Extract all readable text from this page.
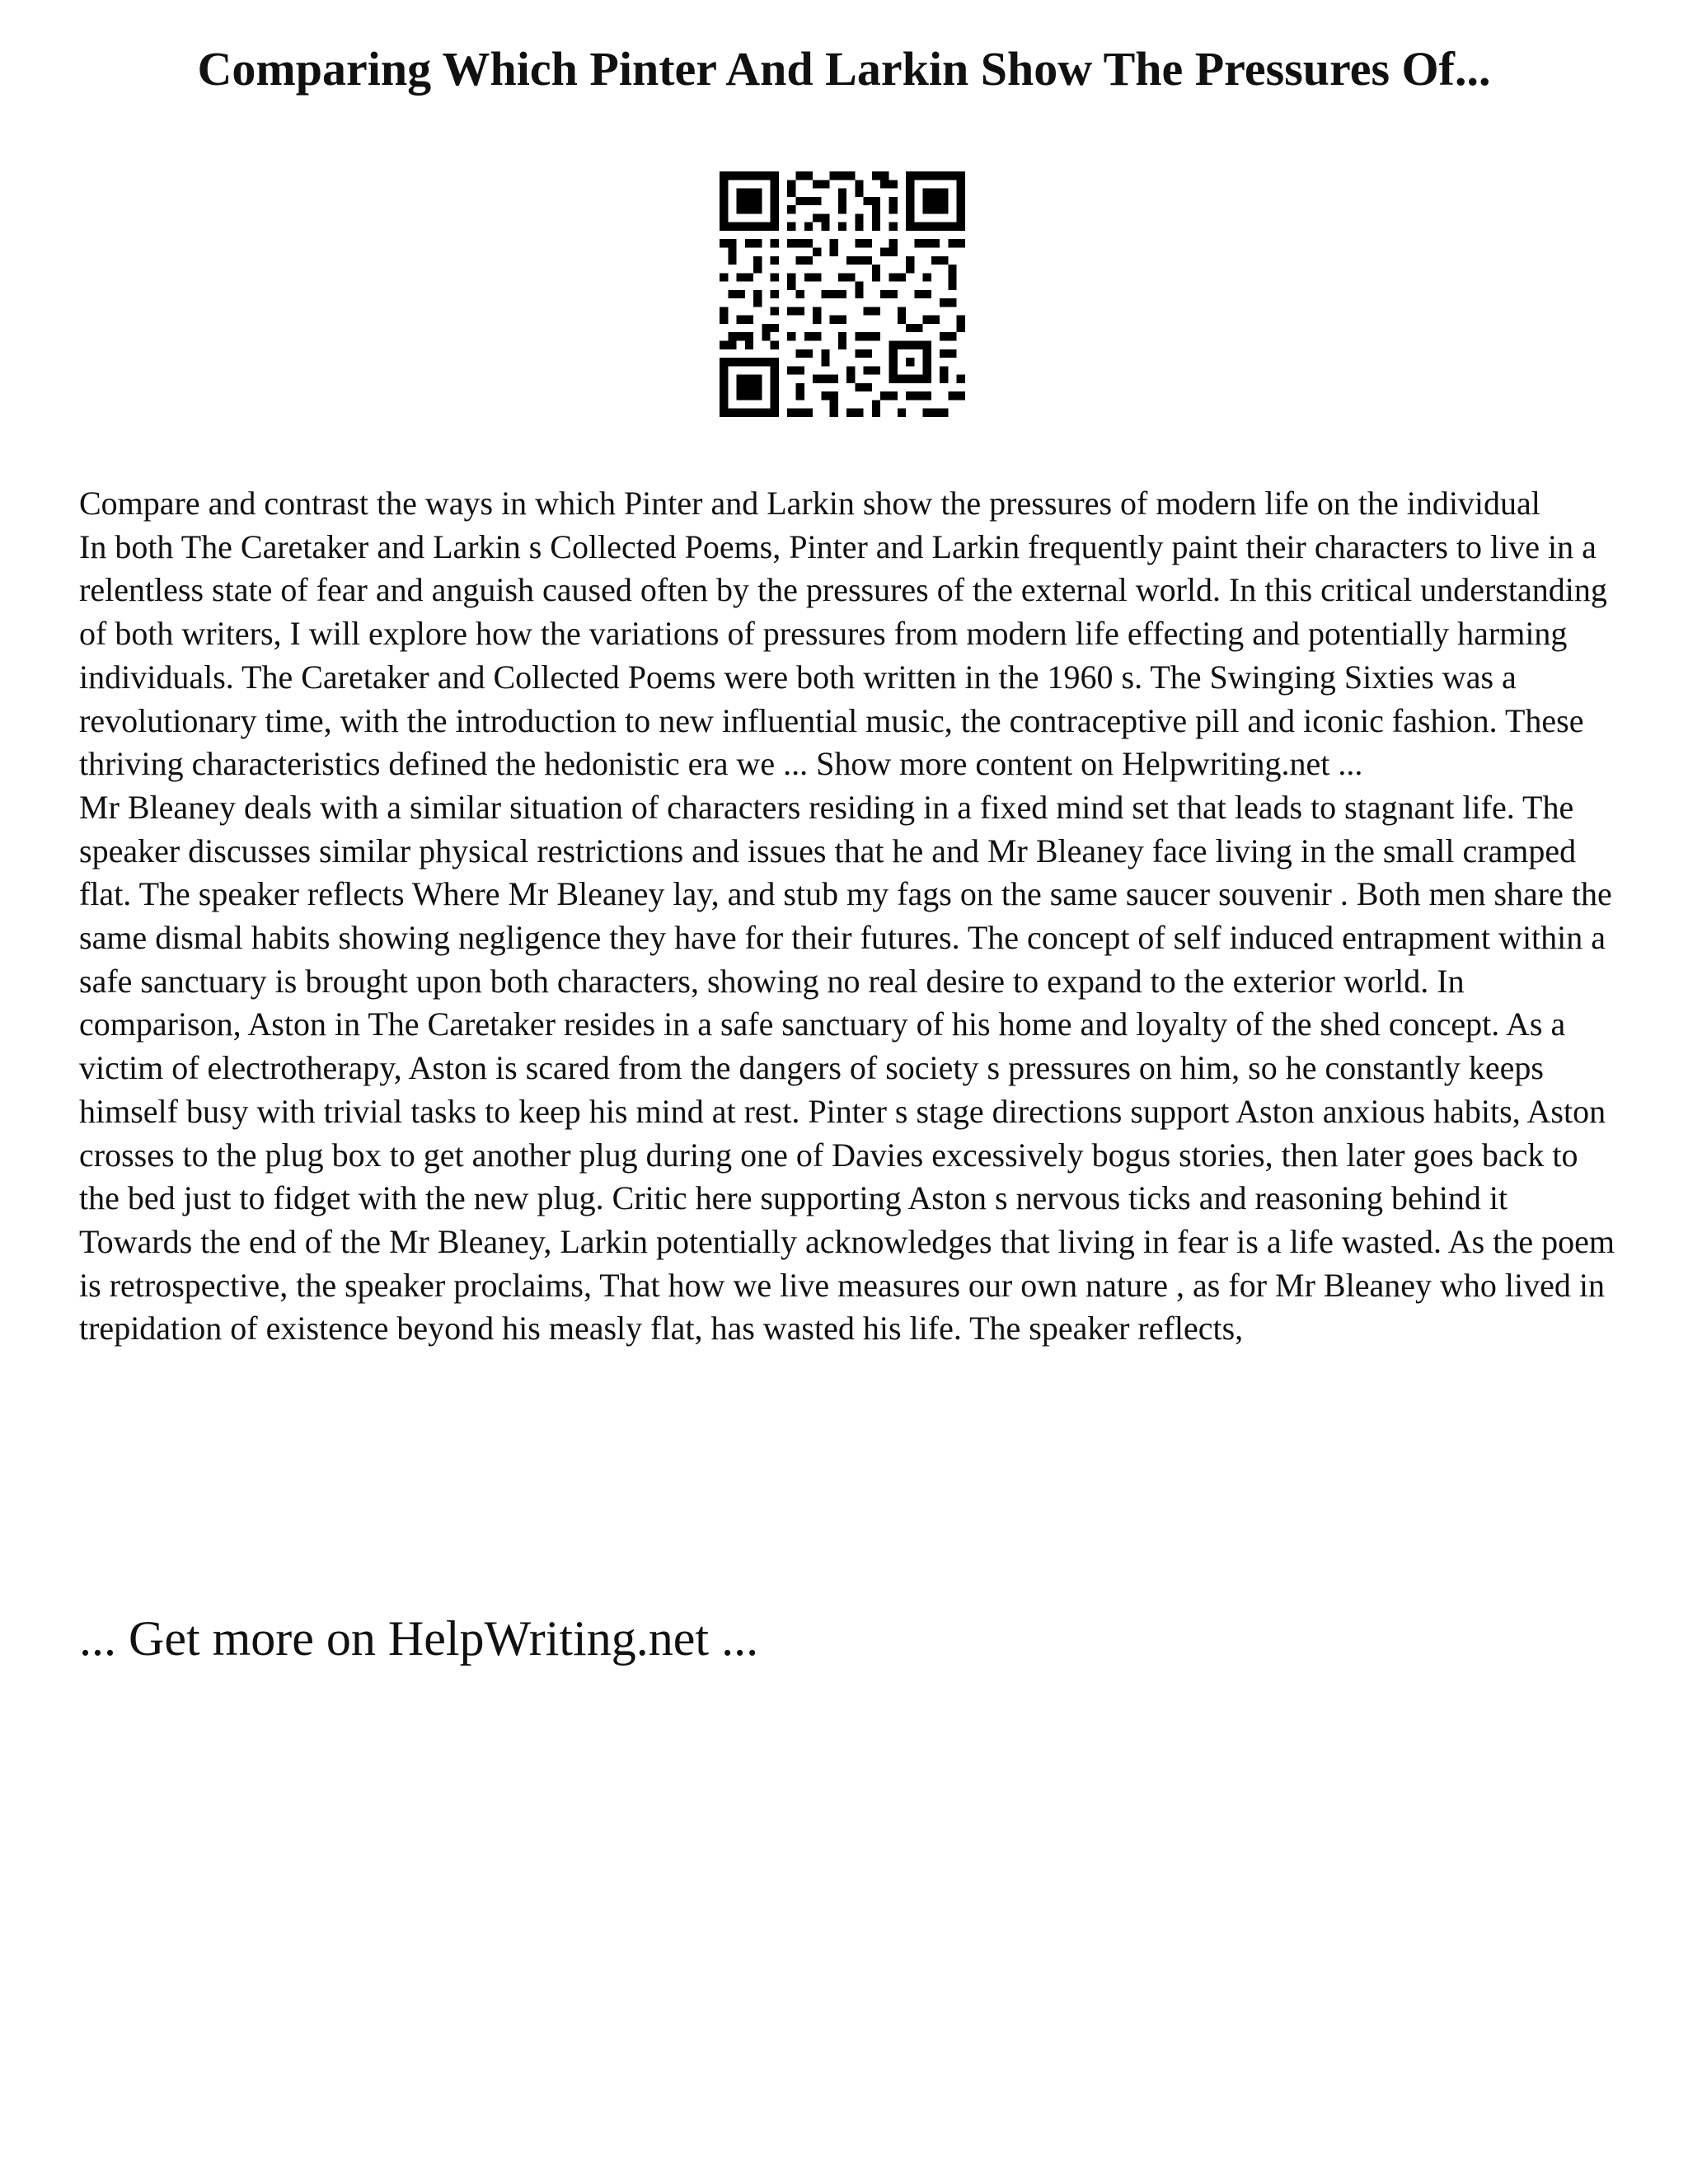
Comparing Which Pinter And Larkin Show The Pressures Of...

Compare and contrast the ways in which Pinter and Larkin show the pressures of modern life on the individual

In both The Caretaker and Larkin s Collected Poems, Pinter and Larkin frequently paint their characters to live in a relentless state of fear and anguish caused often by the pressures of the external world. In this critical understanding of both writers, I will explore how the variations of pressures from modern life effecting and potentially harming individuals. The Caretaker and Collected Poems were both written in the 1960 s. The Swinging Sixties was a revolutionary time, with the introduction to new influential music, the contraceptive pill and iconic fashion. These thriving characteristics defined the hedonistic era we ... Show more content on Helpwriting.net ...

Mr Bleaney deals with a similar situation of characters residing in a fixed mind set that leads to stagnant life. The speaker discusses similar physical restrictions and issues that he and Mr Bleaney face living in the small cramped flat. The speaker reflects Where Mr Bleaney lay, and stub my fags on the same saucer souvenir . Both men share the same dismal habits showing negligence they have for their futures. The concept of self induced entrapment within a safe sanctuary is brought upon both characters, showing no real desire to expand to the exterior world. In comparison, Aston in The Caretaker resides in a safe sanctuary of his home and loyalty of the shed concept. As a victim of electrotherapy, Aston is scared from the dangers of society s pressures on him, so he constantly keeps himself busy with trivial tasks to keep his mind at rest. Pinter s stage directions support Aston anxious habits, Aston crosses to the plug box to get another plug during one of Davies excessively bogus stories, then later goes back to the bed just to fidget with the new plug. Critic here supporting Aston s nervous ticks and reasoning behind it

Towards the end of the Mr Bleaney, Larkin potentially acknowledges that living in fear is a life wasted. As the poem is retrospective, the speaker proclaims, That how we live measures our own nature , as for Mr Bleaney who lived in trepidation of existence beyond his measly flat, has wasted his life. The speaker reflects,

... Get more on HelpWriting.net ...
